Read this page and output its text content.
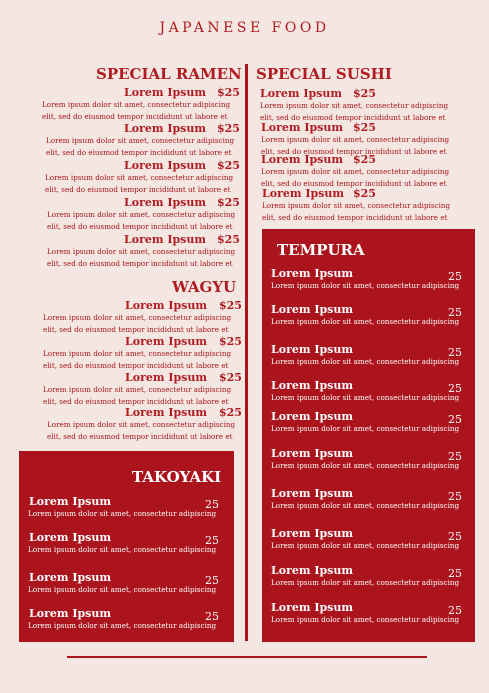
JAPANESE FOOD
SPECIAL RAMEN
Lorem Ipsum $25
Lorem ipsum dolor sit amet, consectetur adipiscing
elit, sed do eiusmod tempor incididunt ut labore et
Lorem Ipsum $25
Lorem ipsum dolor sit amet, consectetur adipiscing
elit, sed do eiusmod tempor incididunt ut labore et
Lorem Ipsum $25
Lorem ipsum dolor sit amet, consectetur adipiscing
elit, sed do eiusmod tempor incididunt ut labore et
Lorem Ipsum $25
Lorem ipsum dolor sit amet, consectetur adipiscing
elit, sed do eiusmod tempor incididunt ut labore et
Lorem Ipsum $25
Lorem ipsum dolor sit amet, consectetur adipiscing
elit, sed do eiusmod tempor incididunt ut labore et
WAGYU
Lorem Ipsum $25
Lorem ipsum dolor sit amet, consectetur adipiscing
elit, sed do eiusmod tempor incididunt ut labore et
Lorem Ipsum $25
Lorem ipsum dolor sit amet, consectetur adipiscing
elit, sed do eiusmod tempor incididunt ut labore et
Lorem Ipsum $25
Lorem ipsum dolor sit amet, consectetur adipiscing
elit, sed do eiusmod tempor incididunt ut labore et
Lorem Ipsum $25
Lorem ipsum dolor sit amet, consectetur adipiscing
elit, sed do eiusmod tempor incididunt ut labore et
TAKOYAKI
Lorem Ipsum	25
Lorem ipsum dolor sit amet, consectetur adipiscing
Lorem Ipsum	25
Lorem ipsum dolor sit amet, consectetur adipiscing
Lorem Ipsum	25
Lorem ipsum dolor sit amet, consectetur adipiscing
Lorem Ipsum	25
Lorem ipsum dolor sit amet, consectetur adipiscing
SPECIAL SUSHI
Lorem Ipsum $25
Lorem ipsum dolor sit amet, consectetur adipiscing
elit, sed do eiusmod tempor incididunt ut labore et
Lorem Ipsum $25
Lorem ipsum dolor sit amet, consectetur adipiscing
elit, sed do eiusmod tempor incididunt ut labore et
Lorem Ipsum $25
Lorem ipsum dolor sit amet, consectetur adipiscing
elit, sed do eiusmod tempor incididunt ut labore et
Lorem Ipsum $25
Lorem ipsum dolor sit amet, consectetur adipiscing
elit, sed do eiusmod tempor incididunt ut labore et
TEMPURA
Lorem Ipsum	25
Lorem ipsum dolor sit amet, consectetur adipiscing
Lorem Ipsum	25
Lorem ipsum dolor sit amet, consectetur adipiscing
Lorem Ipsum	25
Lorem ipsum dolor sit amet, consectetur adipiscing
Lorem Ipsum	25
Lorem ipsum dolor sit amet, consectetur adipiscing
Lorem Ipsum	25
Lorem ipsum dolor sit amet, consectetur adipiscing
Lorem Ipsum	25
Lorem ipsum dolor sit amet, consectetur adipiscing
Lorem Ipsum	25
Lorem ipsum dolor sit amet, consectetur adipiscing
Lorem Ipsum	25
Lorem ipsum dolor sit amet, consectetur adipiscing
Lorem Ipsum	25
Lorem ipsum dolor sit amet, consectetur adipiscing
Lorem Ipsum	25
Lorem ipsum dolor sit amet, consectetur adipiscing
